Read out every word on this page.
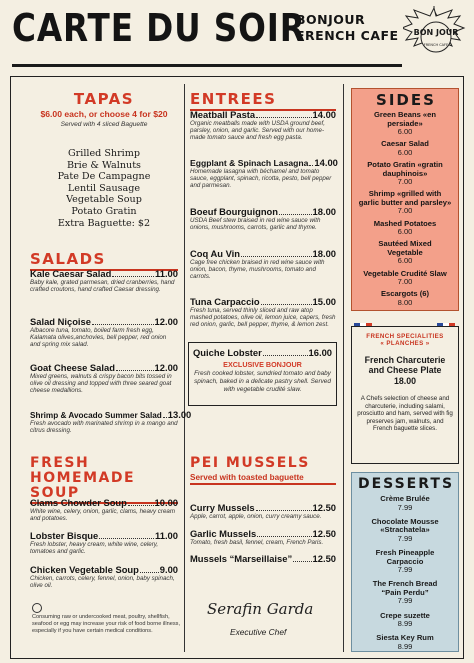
CARTE DU SOIR
BONJOUR
FRENCH CAFE BON JOUR
FRENCH CAFE
TAPAS
$6.00 each, or choose 4 for $20
Served with 4 sliced Baguette
Grilled Shrimp
Brie & Walnuts
Pate De Campagne
Lentil Sausage
Vegetable Soup
Potato Gratin
Extra Baguette: $2
SALADS
Kale Caesar Salad	11.00
Baby kale, grated parmesan, dried cranberries, hand crafted croutons, hand crafted Caesar dressing.
Salad Niçoise	12.00
Albacore tuna, tomato, boiled farm fresh egg, Kalamata olives,anchovies, bell pepper, red onion and spring mix salad.
Goat Cheese Salad	12.00
Mixed greens, walnuts & crispy bacon bits tossed in olive oil dressing and topped with three seared goat cheese medallions.
Shrimp & Avocado Summer Salad 13.00
Fresh avocado with marinated shrimp in a mango and citrus dressing.
FRESH HOMEMADE
SOUP
Clams Chowder Soup	10.00
White wine, celery, onion, garlic, clams, heavy cream and potatoes.
Lobster Bisque	11.00
Fresh lobster, heavy cream, white wine, celery, tomatoes and garlic.
Chicken Vegetable Soup 9.00
Chicken, carrots, celery, fennel, onion, baby spinach, olive oil.
ENTREES
Meatball Pasta	14.00
Organic meatballs made with USDA ground beef, parsley, onion, and garlic. Served with our home-made tomato sauce and fresh egg pasta.
Eggplant & Spinach Lasagna 14.00
Homemade lasagna with béchamel and tomato sauce, eggplant, spinach, ricotta, pesto, bell pepper and parmesan.
Boeuf Bourguignon	18.00
USDA Beef stew braised in red wine sauce with onions, mushrooms, carrots, garlic and thyme.
Coq Au Vin	18.00
Cage free chicken braised in red wine sauce with onion, bacon, thyme, mushrooms, tomato and carrots.
Tuna Carpaccio	15.00
Fresh tuna, served thinly sliced and raw atop mashed potatoes, olive oil, lemon juice, capers, fresh red onion, garlic, bell pepper, thyme, & lemon zest.
Quiche Lobster	16.00
EXCLUSIVE BONJOUR
Fresh cooked lobster, sundried tomato and baby spinach, baked in a delicate pastry shell. Served with vegetable crudité slaw.
PEI MUSSELS
Served with toasted baguette
Curry Mussels	12.50
Apple, carrot, apple, onion, curry creamy sauce.
Garlic Mussels	12.50
Tomato, fresh basil, fennel, cream, French Paris.
Mussels “Marseillaise” 12.50
SIDES
Green Beans «en persiade»
6.00
Caesar Salad
6.00
Potato Gratin «gratin dauphinois»
7.00
Shrimp «grilled with garlic butter and parsley»
7.00
Mashed Potatoes
6.00
Sautéed Mixed Vegetable
6.00
Vegetable Crudité Slaw
7.00
Escargots (6)
8.00
FRENCH SPECIALITIES
« PLANCHES »
French Charcuterie and Cheese Plate
18.00
A Chefs selection of cheese and charcuterie, including salami, prosciutto and ham, served with fig preserves jam, walnuts, and French baguette slices.
DESSERTS
Crème Brulée
7.99
Chocolate Mousse «Strachatela»
7.99
Fresh Pineapple Carpaccio
7.99
The French Bread “Pain Perdu”
7.99
Crepe suzette
8.99
Siesta Key Rum
8.99
Consuming raw or undercooked meat, poultry, shellfish, seafood or egg may increase your risk of food borne illness, especially if you have certain medical conditions.
Serafin Garda
Executive Chef
